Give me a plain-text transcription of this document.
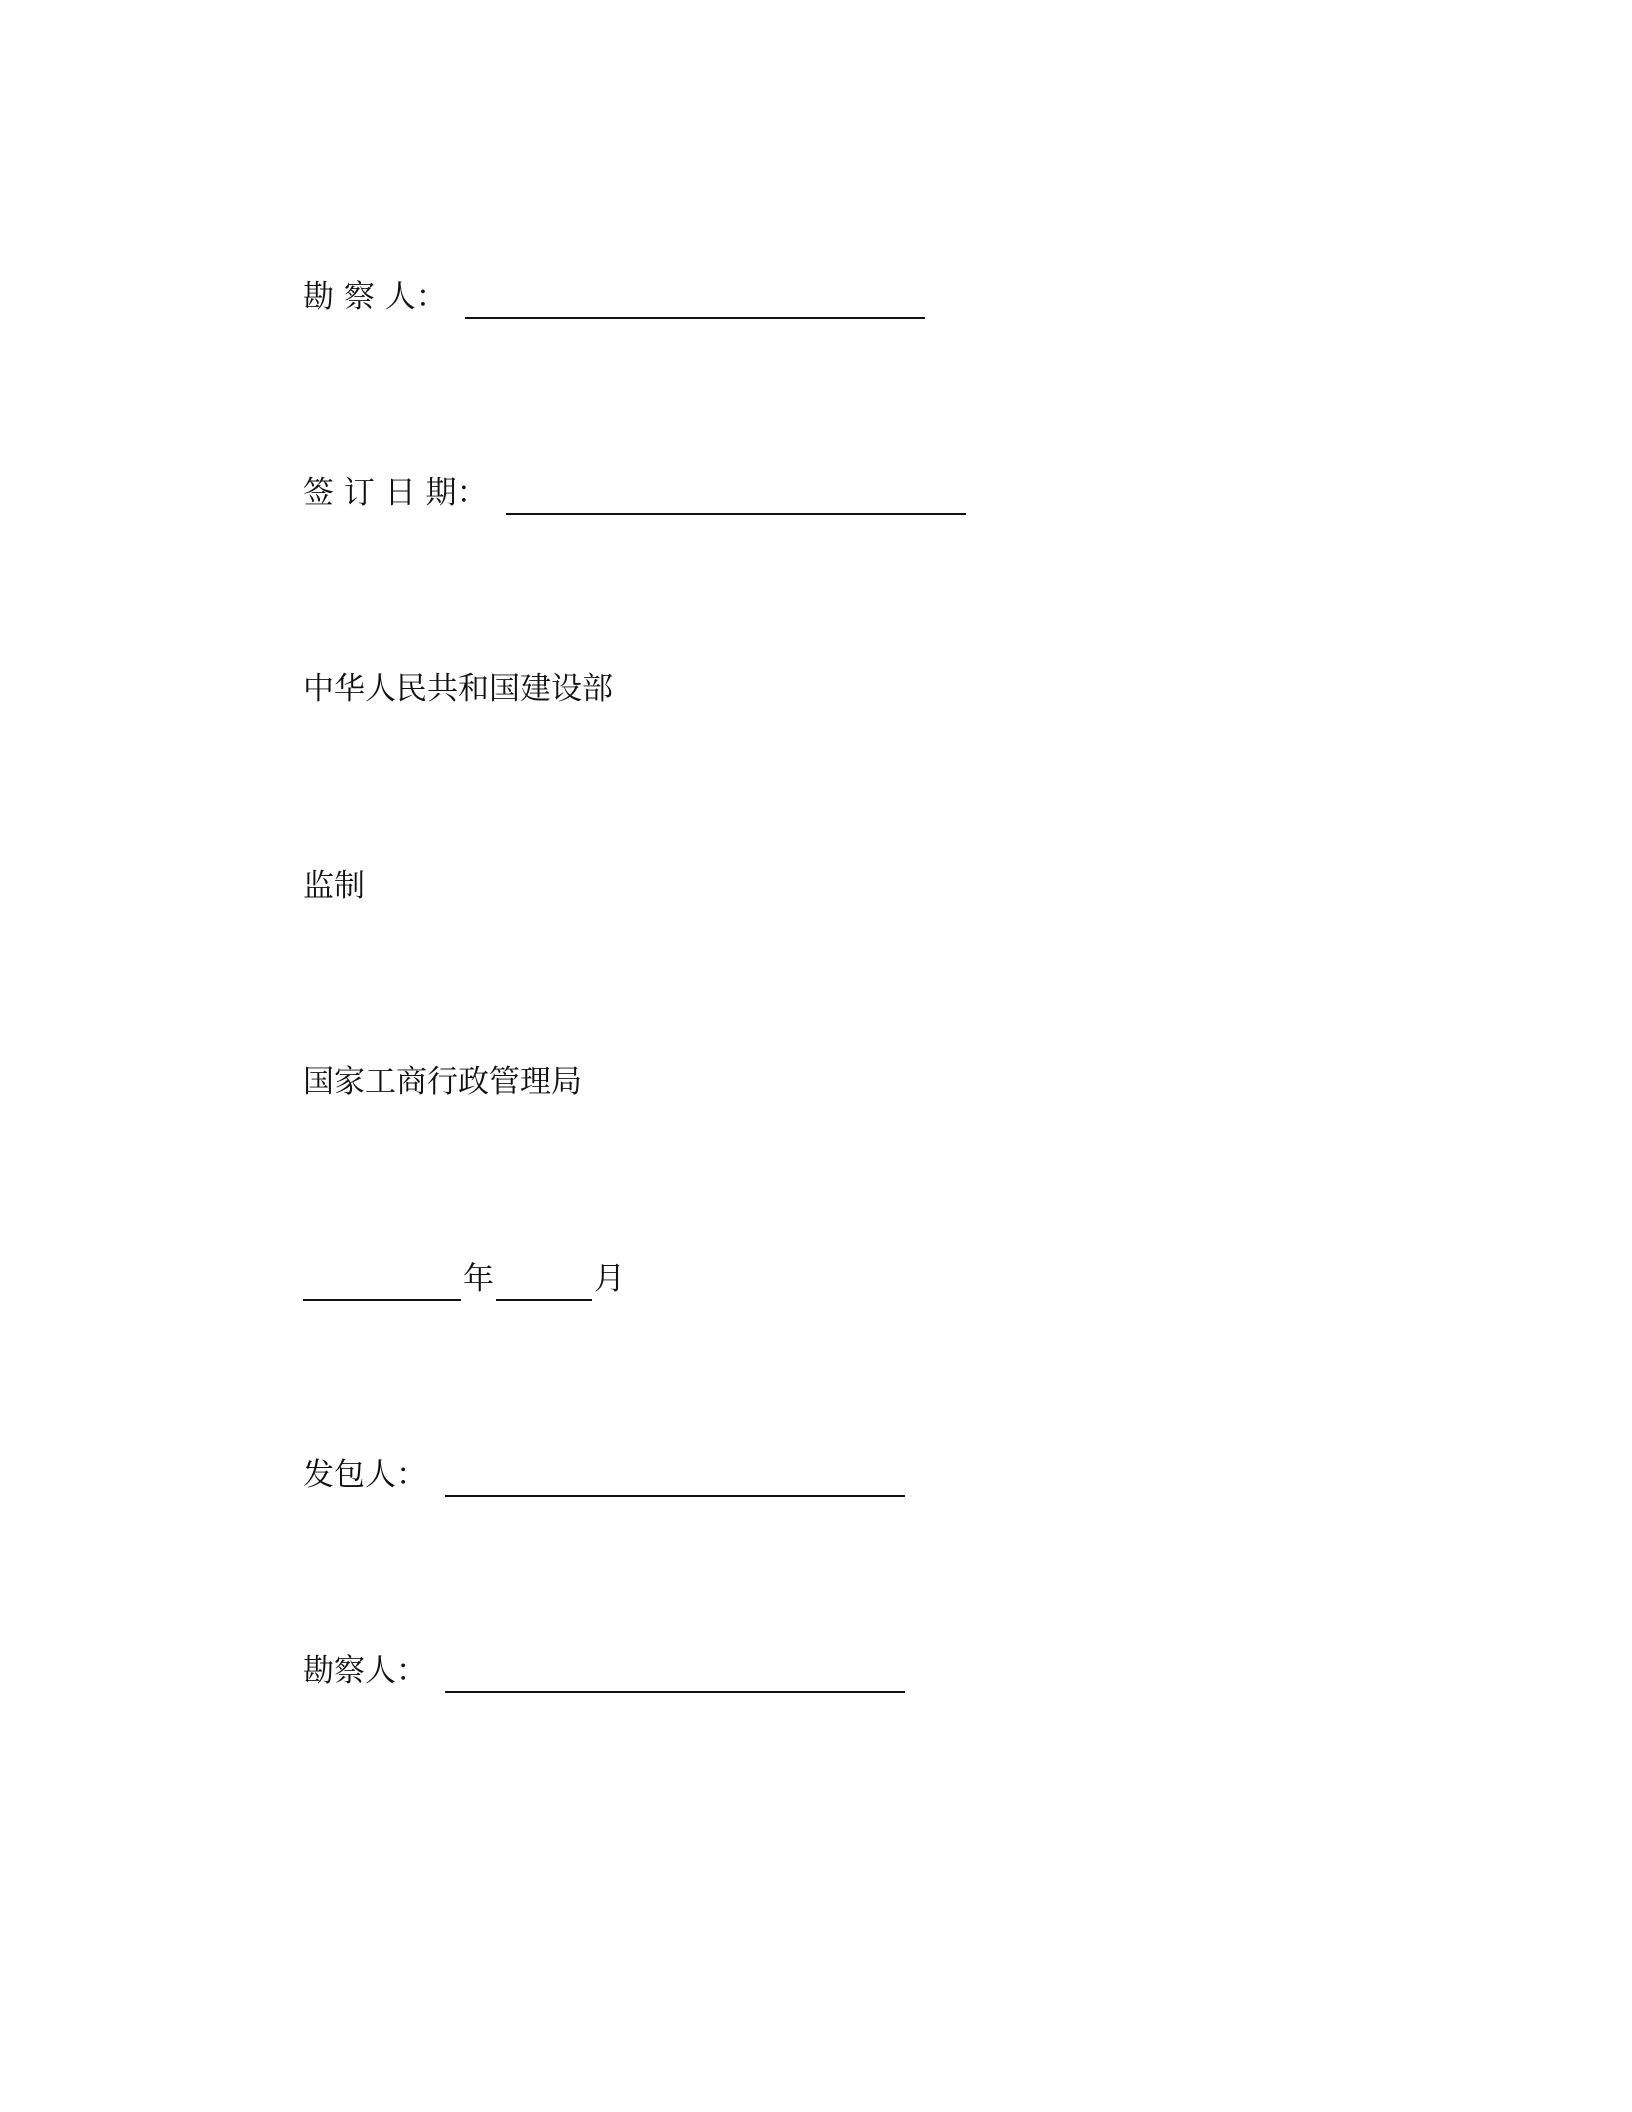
勘 察 人 ：
签 订 日 期 ：
中华人民共和国建设部
监制
国家工商行政管理局
年	月
发包人 ：
勘察人 ：
